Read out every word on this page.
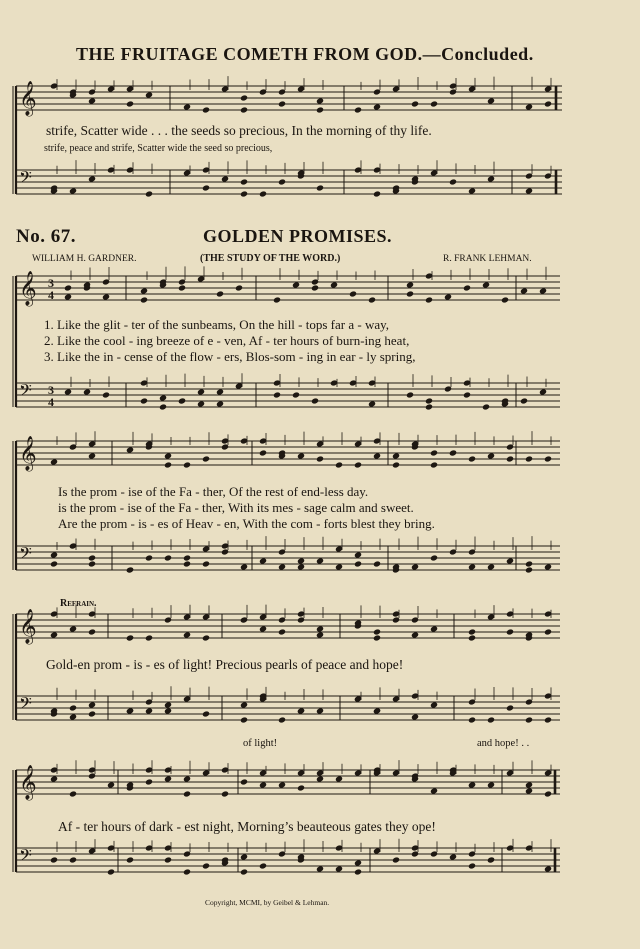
𝄞
𝄢
𝄞 3
4
𝄢 3
4
𝄞
𝄢
𝄞
𝄢
𝄞
𝄢
THE FRUITAGE COMETH FROM GOD.—Concluded.
strife, Scatter wide . . . the seeds so precious, In the morning of thy life.
strife, peace and strife, Scatter wide the seed so precious,
No. 67.	GOLDEN PROMISES.
WILLIAM H. GARDNER.	(THE STUDY OF THE WORD.)	R. FRANK LEHMAN.
1. Like the glit - ter of the sunbeams, On the hill - tops far a - way,
2. Like the cool - ing breeze of e - ven, Af - ter hours of burn-ing heat,
3. Like the in - cense of the flow - ers, Blos-som - ing in ear - ly spring,
Is the prom - ise of the Fa - ther, Of the rest of end-less day.
is the prom - ise of the Fa - ther, With its mes - sage calm and sweet.
Are the prom - is - es of Heav - en, With the com - forts blest they bring.
Refrain.
Gold-en prom - is - es of light! Precious pearls of peace and hope!
of light!	and hope! . .
Af - ter hours of dark - est night, Morning’s beauteous gates they ope!
Copyright, MCMI, by Geibel & Lehman.
